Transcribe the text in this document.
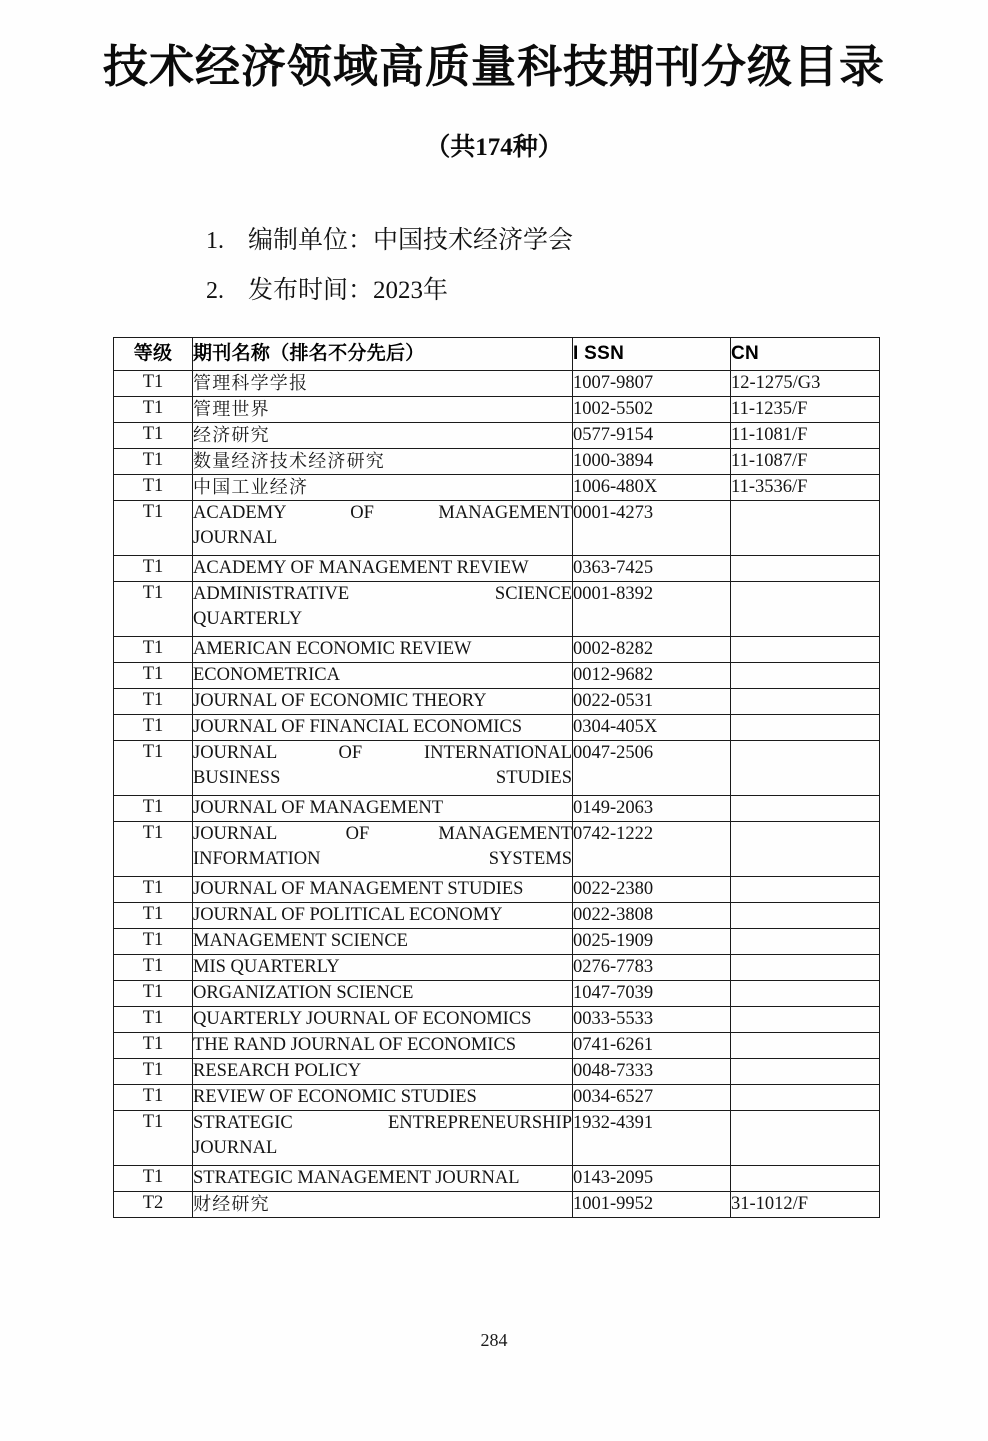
技术经济领域高质量科技期刊分级目录
（共174种）
1. 编制单位：中国技术经济学会
2. 发布时间：2023年
等级	期刊名称（排名不分先后）	I SSN	CN
T1	管理科学学报	1007-9807	12-1275/G3
T1	管理世界	1002-5502	11-1235/F
T1	经济研究	0577-9154	11-1081/F
T1	数量经济技术经济研究	1000-3894	11-1087/F
T1	中国工业经济	1006-480X	11-3536/F
T1	ACADEMY OF MANAGEMENT
JOURNAL	0001-4273	
T1	ACADEMY OF MANAGEMENT REVIEW	0363-7425	
T1	ADMINISTRATIVE SCIENCE
QUARTERLY	0001-8392	
T1	AMERICAN ECONOMIC REVIEW	0002-8282	
T1	ECONOMETRICA	0012-9682	
T1	JOURNAL OF ECONOMIC THEORY	0022-0531	
T1	JOURNAL OF FINANCIAL ECONOMICS	0304-405X	
T1	JOURNAL OF INTERNATIONAL
BUSINESS STUDIES	0047-2506	
T1	JOURNAL OF MANAGEMENT	0149-2063	
T1	JOURNAL OF MANAGEMENT
INFORMATION SYSTEMS	0742-1222	
T1	JOURNAL OF MANAGEMENT STUDIES	0022-2380	
T1	JOURNAL OF POLITICAL ECONOMY	0022-3808	
T1	MANAGEMENT SCIENCE	0025-1909	
T1	MIS QUARTERLY	0276-7783	
T1	ORGANIZATION SCIENCE	1047-7039	
T1	QUARTERLY JOURNAL OF ECONOMICS	0033-5533	
T1	THE RAND JOURNAL OF ECONOMICS	0741-6261	
T1	RESEARCH POLICY	0048-7333	
T1	REVIEW OF ECONOMIC STUDIES	0034-6527	
T1	STRATEGIC ENTREPRENEURSHIP
JOURNAL	1932-4391	
T1	STRATEGIC MANAGEMENT JOURNAL	0143-2095	
T2	财经研究	1001-9952	31-1012/F
284
